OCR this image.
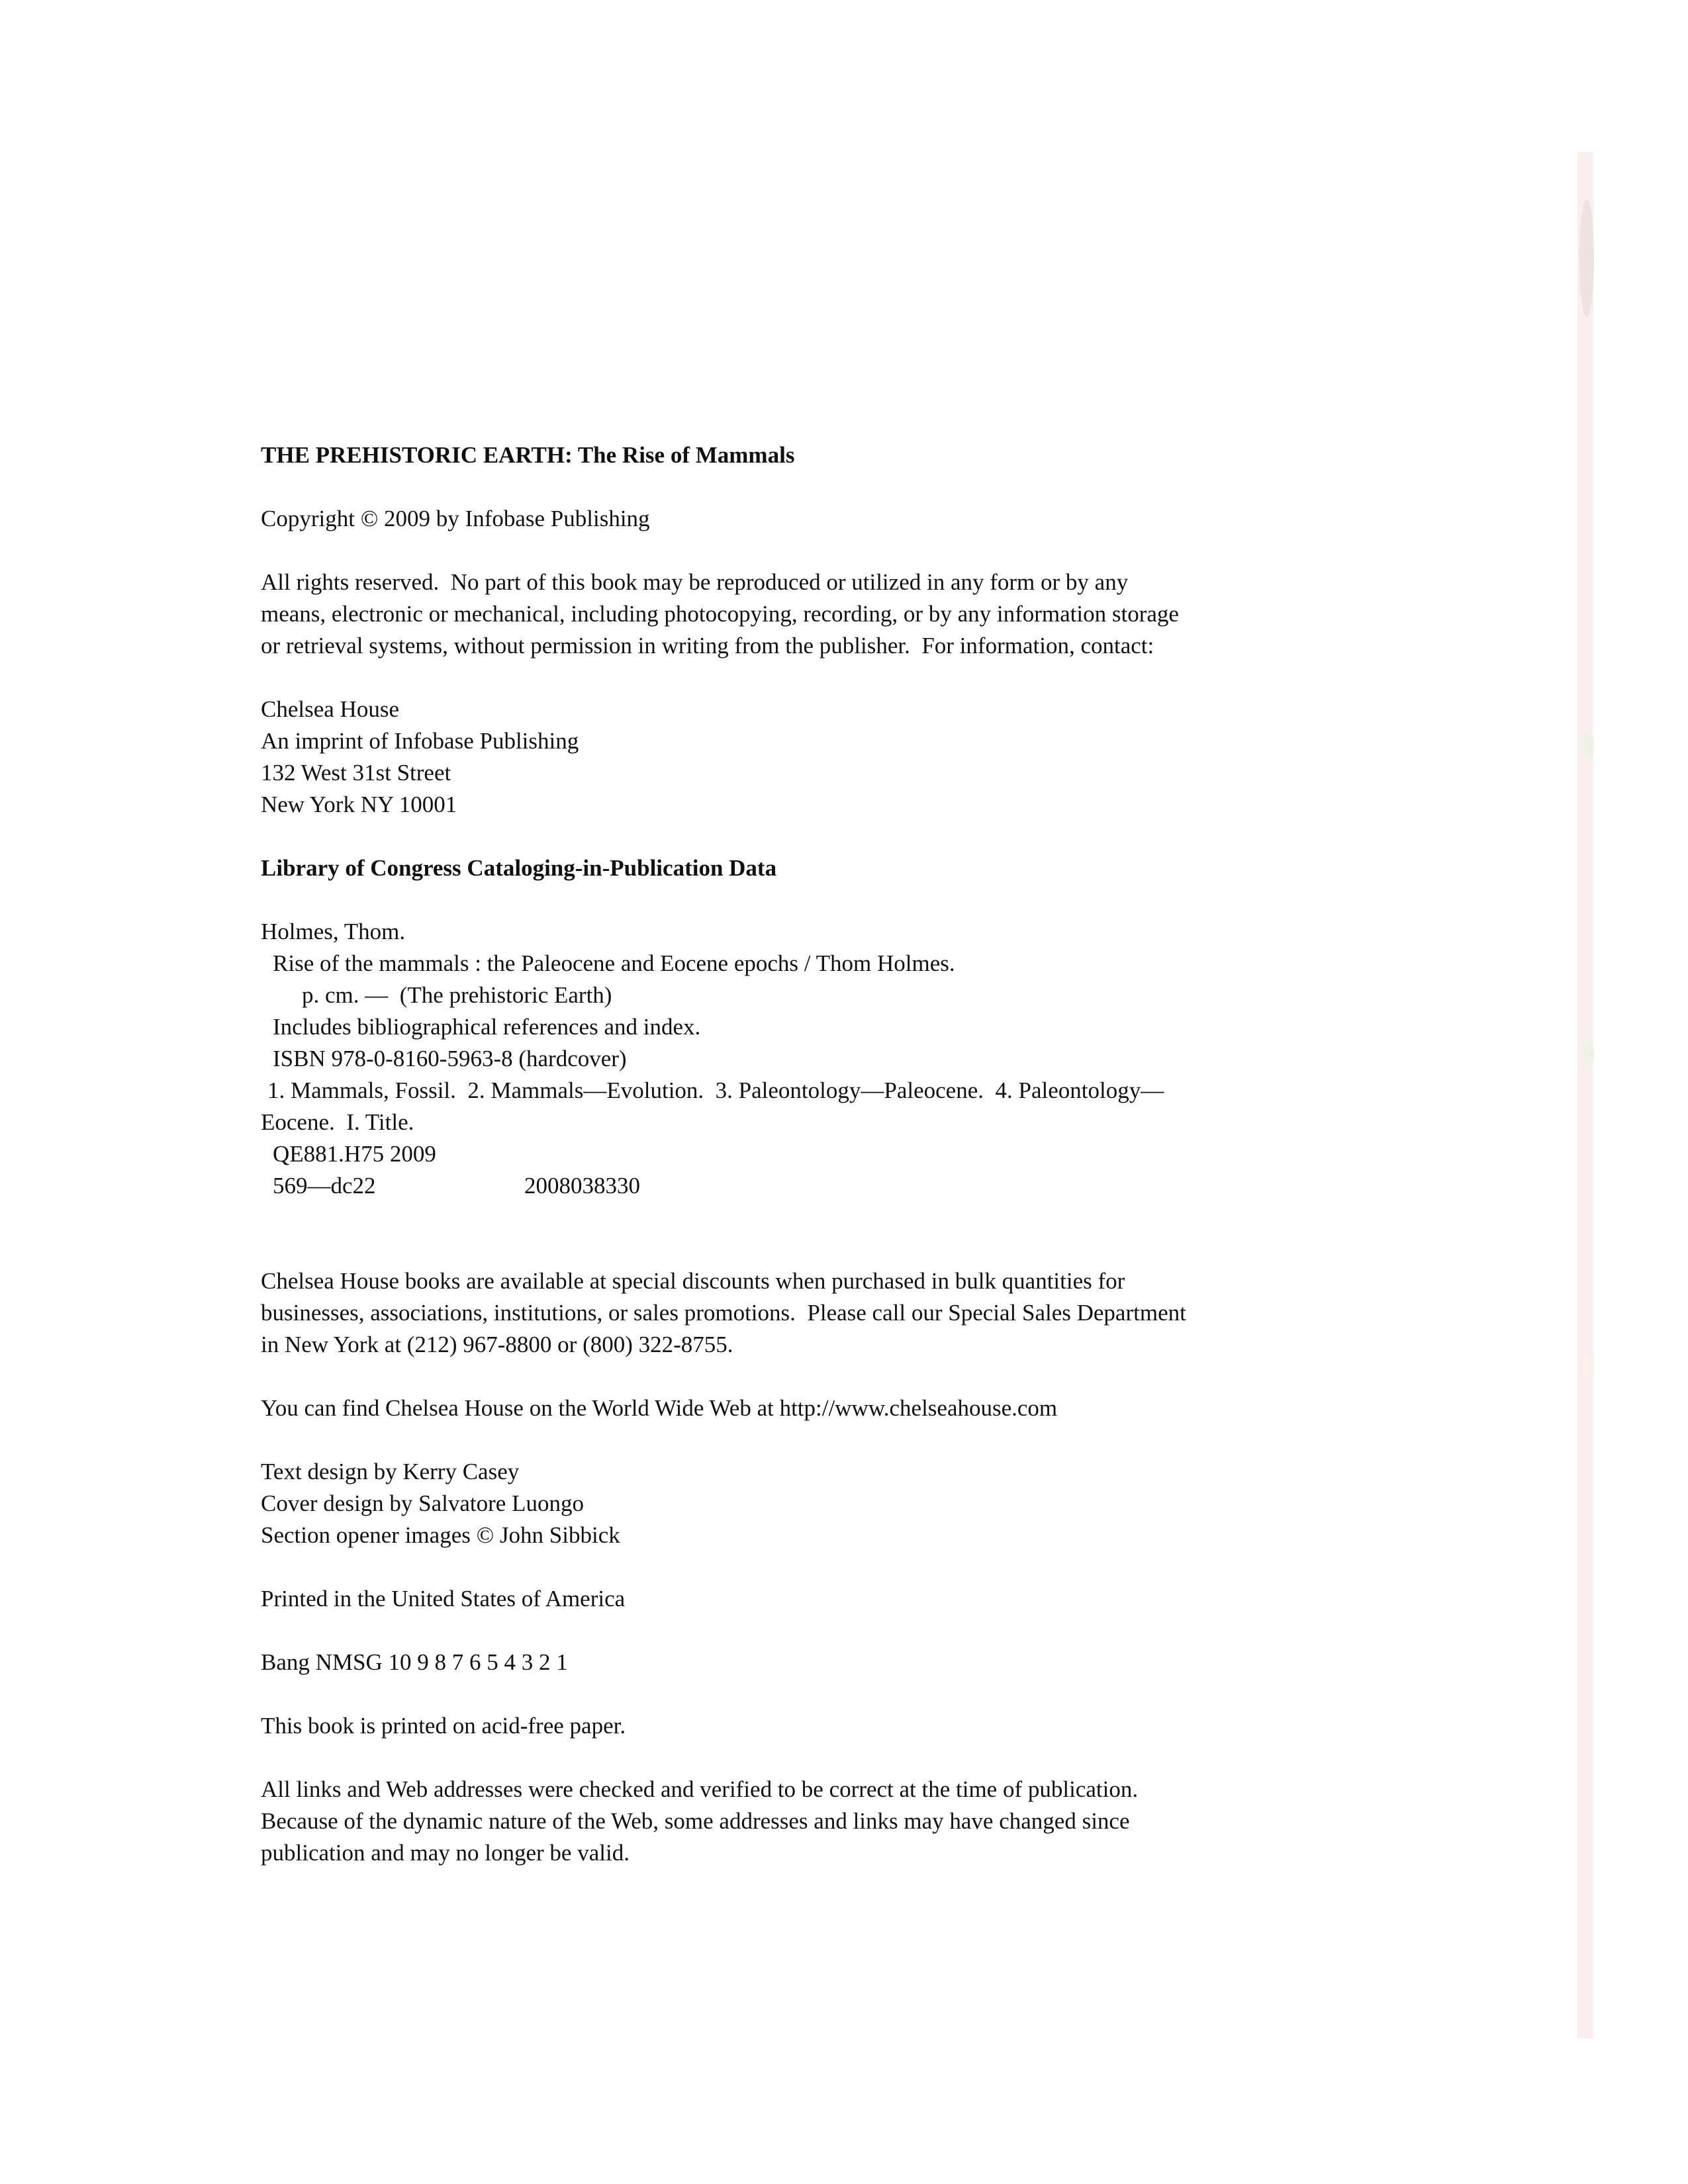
THE PREHISTORIC EARTH: The Rise of Mammals
Copyright © 2009 by Infobase Publishing
All rights reserved.  No part of this book may be reproduced or utilized in any form or by any
means, electronic or mechanical, including photocopying, recording, or by any information storage
or retrieval systems, without permission in writing from the publisher.  For information, contact:
Chelsea House
An imprint of Infobase Publishing
132 West 31st Street
New York NY 10001
Library of Congress Cataloging-in-Publication Data
Holmes, Thom.
Rise of the mammals : the Paleocene and Eocene epochs / Thom Holmes.
p. cm. —  (The prehistoric Earth)
Includes bibliographical references and index.
ISBN 978-0-8160-5963-8 (hardcover)
1. Mammals, Fossil.  2. Mammals—Evolution.  3. Paleontology—Paleocene.  4. Paleontology—
Eocene.  I. Title.
QE881.H75 2009
569—dc22	2008038330
Chelsea House books are available at special discounts when purchased in bulk quantities for
businesses, associations, institutions, or sales promotions.  Please call our Special Sales Department
in New York at (212) 967-8800 or (800) 322-8755.
You can find Chelsea House on the World Wide Web at http://www.chelseahouse.com
Text design by Kerry Casey
Cover design by Salvatore Luongo
Section opener images © John Sibbick
Printed in the United States of America
Bang NMSG 10 9 8 7 6 5 4 3 2 1
This book is printed on acid-free paper.
All links and Web addresses were checked and verified to be correct at the time of publication.
Because of the dynamic nature of the Web, some addresses and links may have changed since
publication and may no longer be valid.
